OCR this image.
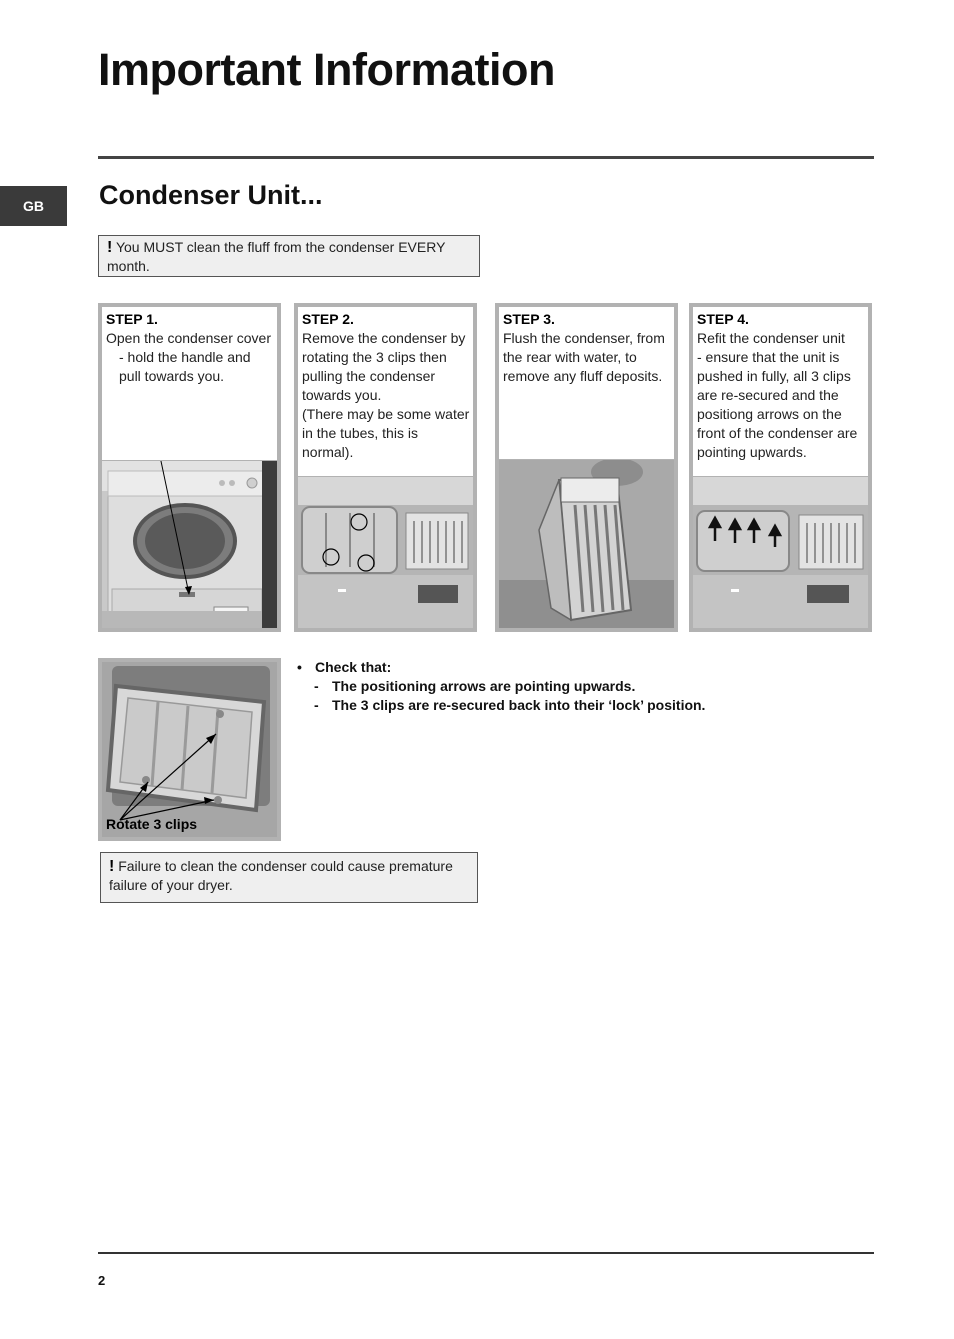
Important Information
GB	Condenser Unit...
! You MUST clean the fluff from the condenser EVERY month.
STEP 1.
Open the condenser cover
- hold the handle and
pull towards you.
STEP 2.
Remove the condenser by rotating the 3 clips then pulling the condenser towards you.
(There may be some water in the tubes, this is normal).
STEP 3.
Flush the condenser, from the rear with water, to remove any fluff deposits.
STEP 4.
Refit the condenser unit
- ensure that the unit is pushed in fully, all 3 clips are re-secured and the positiong arrows on the front of the condenser are pointing upwards.
Rotate 3 clips
• Check that:
- The positioning arrows are pointing upwards.
- The 3 clips are re-secured back into their ‘lock’ position.
! Failure to clean the condenser could cause premature failure of your dryer.
2
